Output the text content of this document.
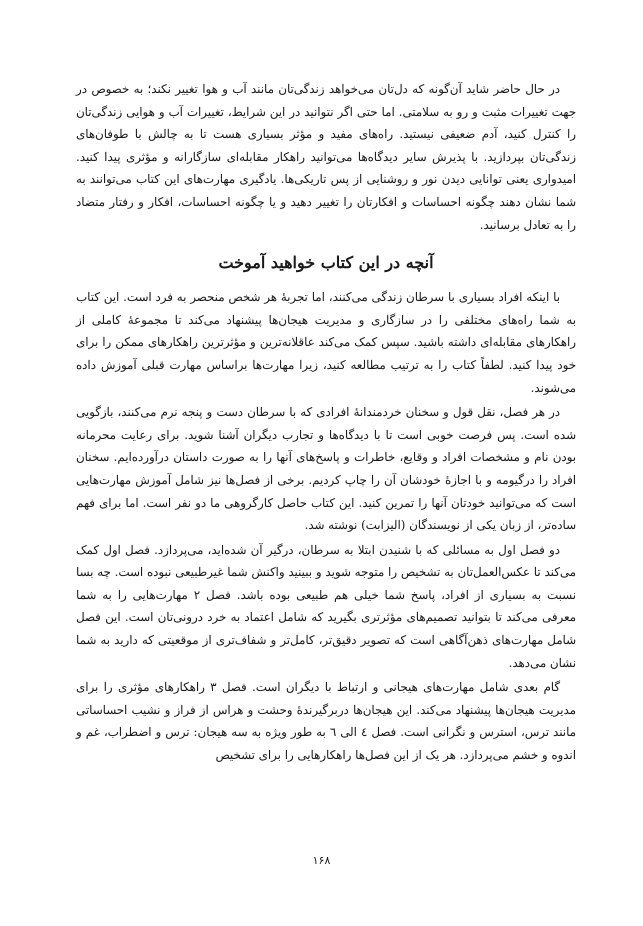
در حال حاضر شاید آن‌گونه که دل‌تان می‌خواهد زندگی‌تان مانند آب و هوا تغییر نکند؛ به خصوص در جهت تغییرات مثبت و رو به سلامتی. اما حتی اگر نتوانید در این شرایط، تغییرات آب و هوایی زندگی‌تان را کنترل کنید، آدم ضعیفی نیستید. راه‌های مفید و مؤثر بسیاری هست تا به چالش با طوفان‌های زندگی‌تان بپردازید. با پذیرش سایر دیدگاه‌ها می‌توانید راهکار مقابله‌ای سازگارانه و مؤثری پیدا کنید. امیدواری یعنی توانایی دیدن نور و روشنایی از پس تاریکی‌ها. یادگیری مهارت‌های این کتاب می‌توانند به شما نشان دهند چگونه احساسات و افکارتان را تغییر دهید و یا چگونه احساسات، افکار و رفتار متضاد را به تعادل برسانید.

آنچه در این کتاب خواهید آموخت

با اینکه افراد بسیاری با سرطان زندگی می‌کنند، اما تجربهٔ هر شخص منحصر به فرد است. این کتاب به شما راه‌های مختلفی را در سازگاری و مدیریت هیجان‌ها پیشنهاد می‌کند تا مجموعهٔ کاملی از راهکارهای مقابله‌ای داشته باشید. سپس کمک می‌کند عاقلانه‌ترین و مؤثرترین راهکارهای ممکن را برای خود پیدا کنید. لطفاً کتاب را به ترتیب مطالعه کنید، زیرا مهارت‌ها براساس مهارت قبلی آموزش داده می‌شوند.

در هر فصل، نقل قول و سخنان خردمندانهٔ افرادی که با سرطان دست و پنجه نرم می‌کنند، بازگویی شده است. پس فرصت خوبی است تا با دیدگاه‌ها و تجارب دیگران آشنا شوید. برای رعایت محرمانه بودن نام و مشخصات افراد و وقایع، خاطرات و پاسخ‌های آنها را به صورت داستان درآورده‌ایم. سخنان افراد را درگیومه و با اجازهٔ خودشان آن را چاپ کردیم. برخی از فصل‌ها نیز شامل آموزش مهارت‌هایی است که می‌توانید خودتان آنها را تمرین کنید. این کتاب حاصل کارگروهی ما دو نفر است. اما برای فهم ساده‌تر، از زبان یکی از نویسندگان (الیزابت) نوشته شد.

دو فصل اول به مسائلی که با شنیدن ابتلا به سرطان، درگیر آن شده‌اید، می‌پردازد. فصل اول کمک می‌کند تا عکس‌العمل‌تان به تشخیص را متوجه شوید و ببینید واکنش شما غیرطبیعی نبوده است. چه بسا نسبت به بسیاری از افراد، پاسخ شما خیلی هم طبیعی بوده باشد. فصل ۲ مهارت‌هایی را به شما معرفی می‌کند تا بتوانید تصمیم‌های مؤثرتری بگیرید که شامل اعتماد به خرد درونی‌تان است. این فصل شامل مهارت‌های ذهن‌آگاهی است که تصویر دقیق‌تر، کامل‌تر و شفاف‌تری از موقعیتی که دارید به شما نشان می‌دهد.

گام بعدی شامل مهارت‌های هیجانی و ارتباط با دیگران است. فصل ۳ راهکارهای مؤثری را برای مدیریت هیجان‌ها پیشنهاد می‌کند. این هیجان‌ها دربرگیرندهٔ وحشت و هراس از فراز و نشیب احساساتی مانند ترس، استرس و نگرانی است. فصل ٤ الی ٦ به طور ویژه به سه هیجان: ترس و اضطراب، غم و اندوه و خشم می‌پردازد. هر یک از این فصل‌ها راهکارهایی را برای تشخیص

۱۶۸
